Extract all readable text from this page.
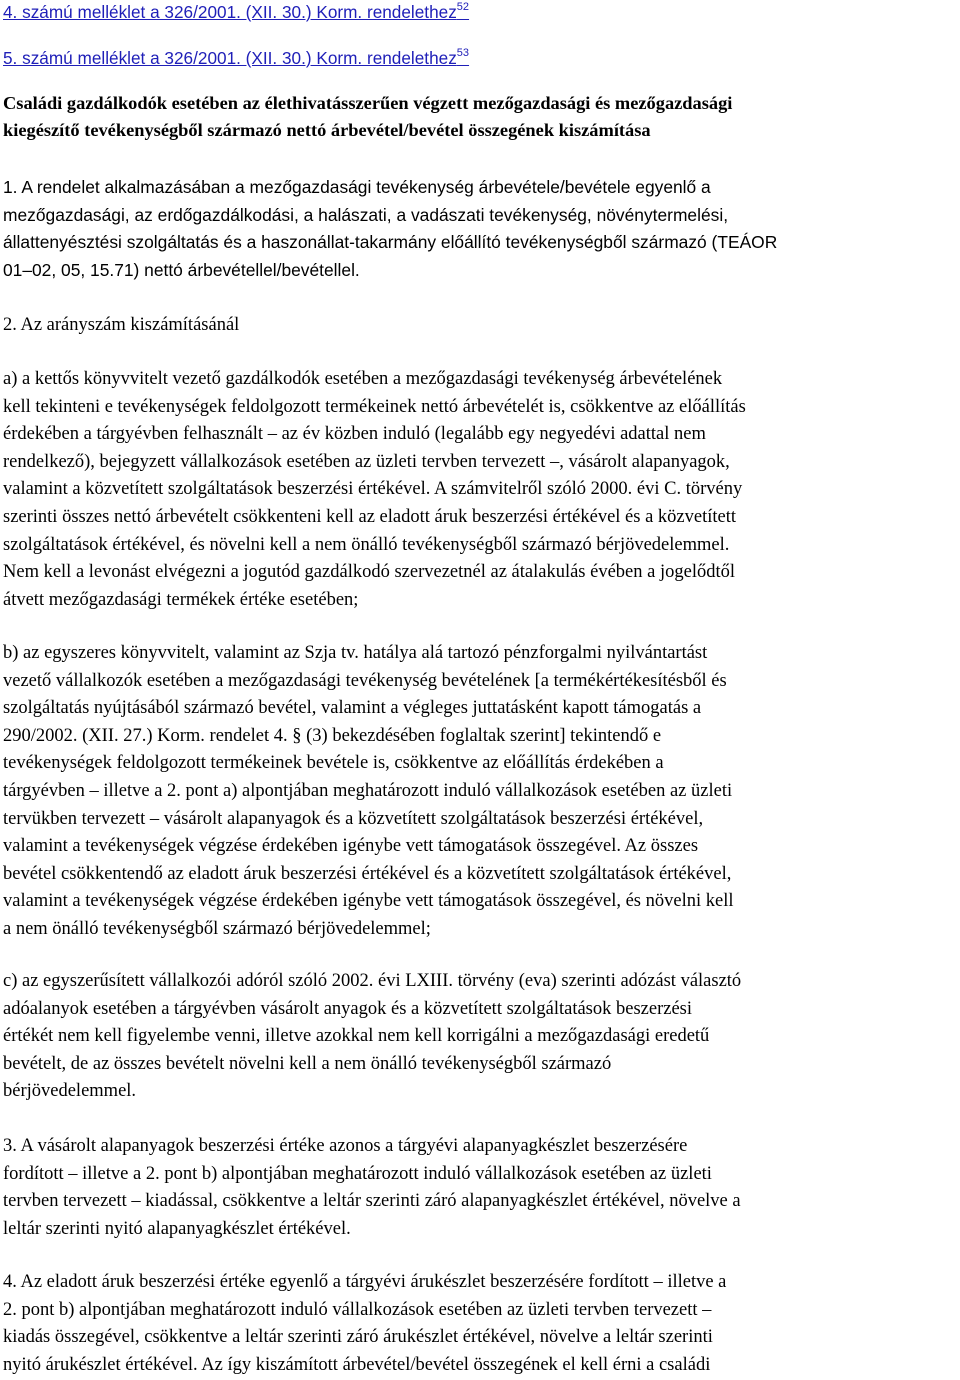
4. számú melléklet a 326/2001. (XII. 30.) Korm. rendelethez$^{52}$
5. számú melléklet a 326/2001. (XII. 30.) Korm. rendelethez$^{53}$
Családi gazdálkodók esetében az élethivatásszerűen végzett mezőgazdasági és mezőgazdasági
kiegészítő tevékenységből származó nettó árbevétel/bevétel összegének kiszámítása
1. A rendelet alkalmazásában a mezőgazdasági tevékenység árbevétele/bevétele egyenlő a
mezőgazdasági, az erdőgazdálkodási, a halászati, a vadászati tevékenység, növénytermelési,
állattenyésztési szolgáltatás és a haszonállat-takarmány előállító tevékenységből származó (TEÁOR
01–02, 05, 15.71) nettó árbevétellel/bevétellel.
2. Az arányszám kiszámításánál
a) a kettős könyvvitelt vezető gazdálkodók esetében a mezőgazdasági tevékenység árbevételének
kell tekinteni e tevékenységek feldolgozott termékeinek nettó árbevételét is, csökkentve az előállítás
érdekében a tárgyévben felhasznált – az év közben induló (legalább egy negyedévi adattal nem
rendelkező), bejegyzett vállalkozások esetében az üzleti tervben tervezett –, vásárolt alapanyagok,
valamint a közvetített szolgáltatások beszerzési értékével. A számvitelről szóló 2000. évi C. törvény
szerinti összes nettó árbevételt csökkenteni kell az eladott áruk beszerzési értékével és a közvetített
szolgáltatások értékével, és növelni kell a nem önálló tevékenységből származó bérjövedelemmel.
Nem kell a levonást elvégezni a jogutód gazdálkodó szervezetnél az átalakulás évében a jogelődtől
átvett mezőgazdasági termékek értéke esetében;
b) az egyszeres könyvvitelt, valamint az Szja tv. hatálya alá tartozó pénzforgalmi nyilvántartást
vezető vállalkozók esetében a mezőgazdasági tevékenység bevételének [a termékértékesítésből és
szolgáltatás nyújtásából származó bevétel, valamint a végleges juttatásként kapott támogatás a
290/2002. (XII. 27.) Korm. rendelet 4. § (3) bekezdésében foglaltak szerint] tekintendő e
tevékenységek feldolgozott termékeinek bevétele is, csökkentve az előállítás érdekében a
tárgyévben – illetve a 2. pont a) alpontjában meghatározott induló vállalkozások esetében az üzleti
tervükben tervezett – vásárolt alapanyagok és a közvetített szolgáltatások beszerzési értékével,
valamint a tevékenységek végzése érdekében igénybe vett támogatások összegével. Az összes
bevétel csökkentendő az eladott áruk beszerzési értékével és a közvetített szolgáltatások értékével,
valamint a tevékenységek végzése érdekében igénybe vett támogatások összegével, és növelni kell
a nem önálló tevékenységből származó bérjövedelemmel;
c) az egyszerűsített vállalkozói adóról szóló 2002. évi LXIII. törvény (eva) szerinti adózást választó
adóalanyok esetében a tárgyévben vásárolt anyagok és a közvetített szolgáltatások beszerzési
értékét nem kell figyelembe venni, illetve azokkal nem kell korrigálni a mezőgazdasági eredetű
bevételt, de az összes bevételt növelni kell a nem önálló tevékenységből származó
bérjövedelemmel.
3. A vásárolt alapanyagok beszerzési értéke azonos a tárgyévi alapanyagkészlet beszerzésére
fordított – illetve a 2. pont b) alpontjában meghatározott induló vállalkozások esetében az üzleti
tervben tervezett – kiadással, csökkentve a leltár szerinti záró alapanyagkészlet értékével, növelve a
leltár szerinti nyitó alapanyagkészlet értékével.
4. Az eladott áruk beszerzési értéke egyenlő a tárgyévi árukészlet beszerzésére fordított – illetve a
2. pont b) alpontjában meghatározott induló vállalkozások esetében az üzleti tervben tervezett –
kiadás összegével, csökkentve a leltár szerinti záró árukészlet értékével, növelve a leltár szerinti
nyitó árukészlet értékével. Az így kiszámított árbevétel/bevétel összegének el kell érni a családi
